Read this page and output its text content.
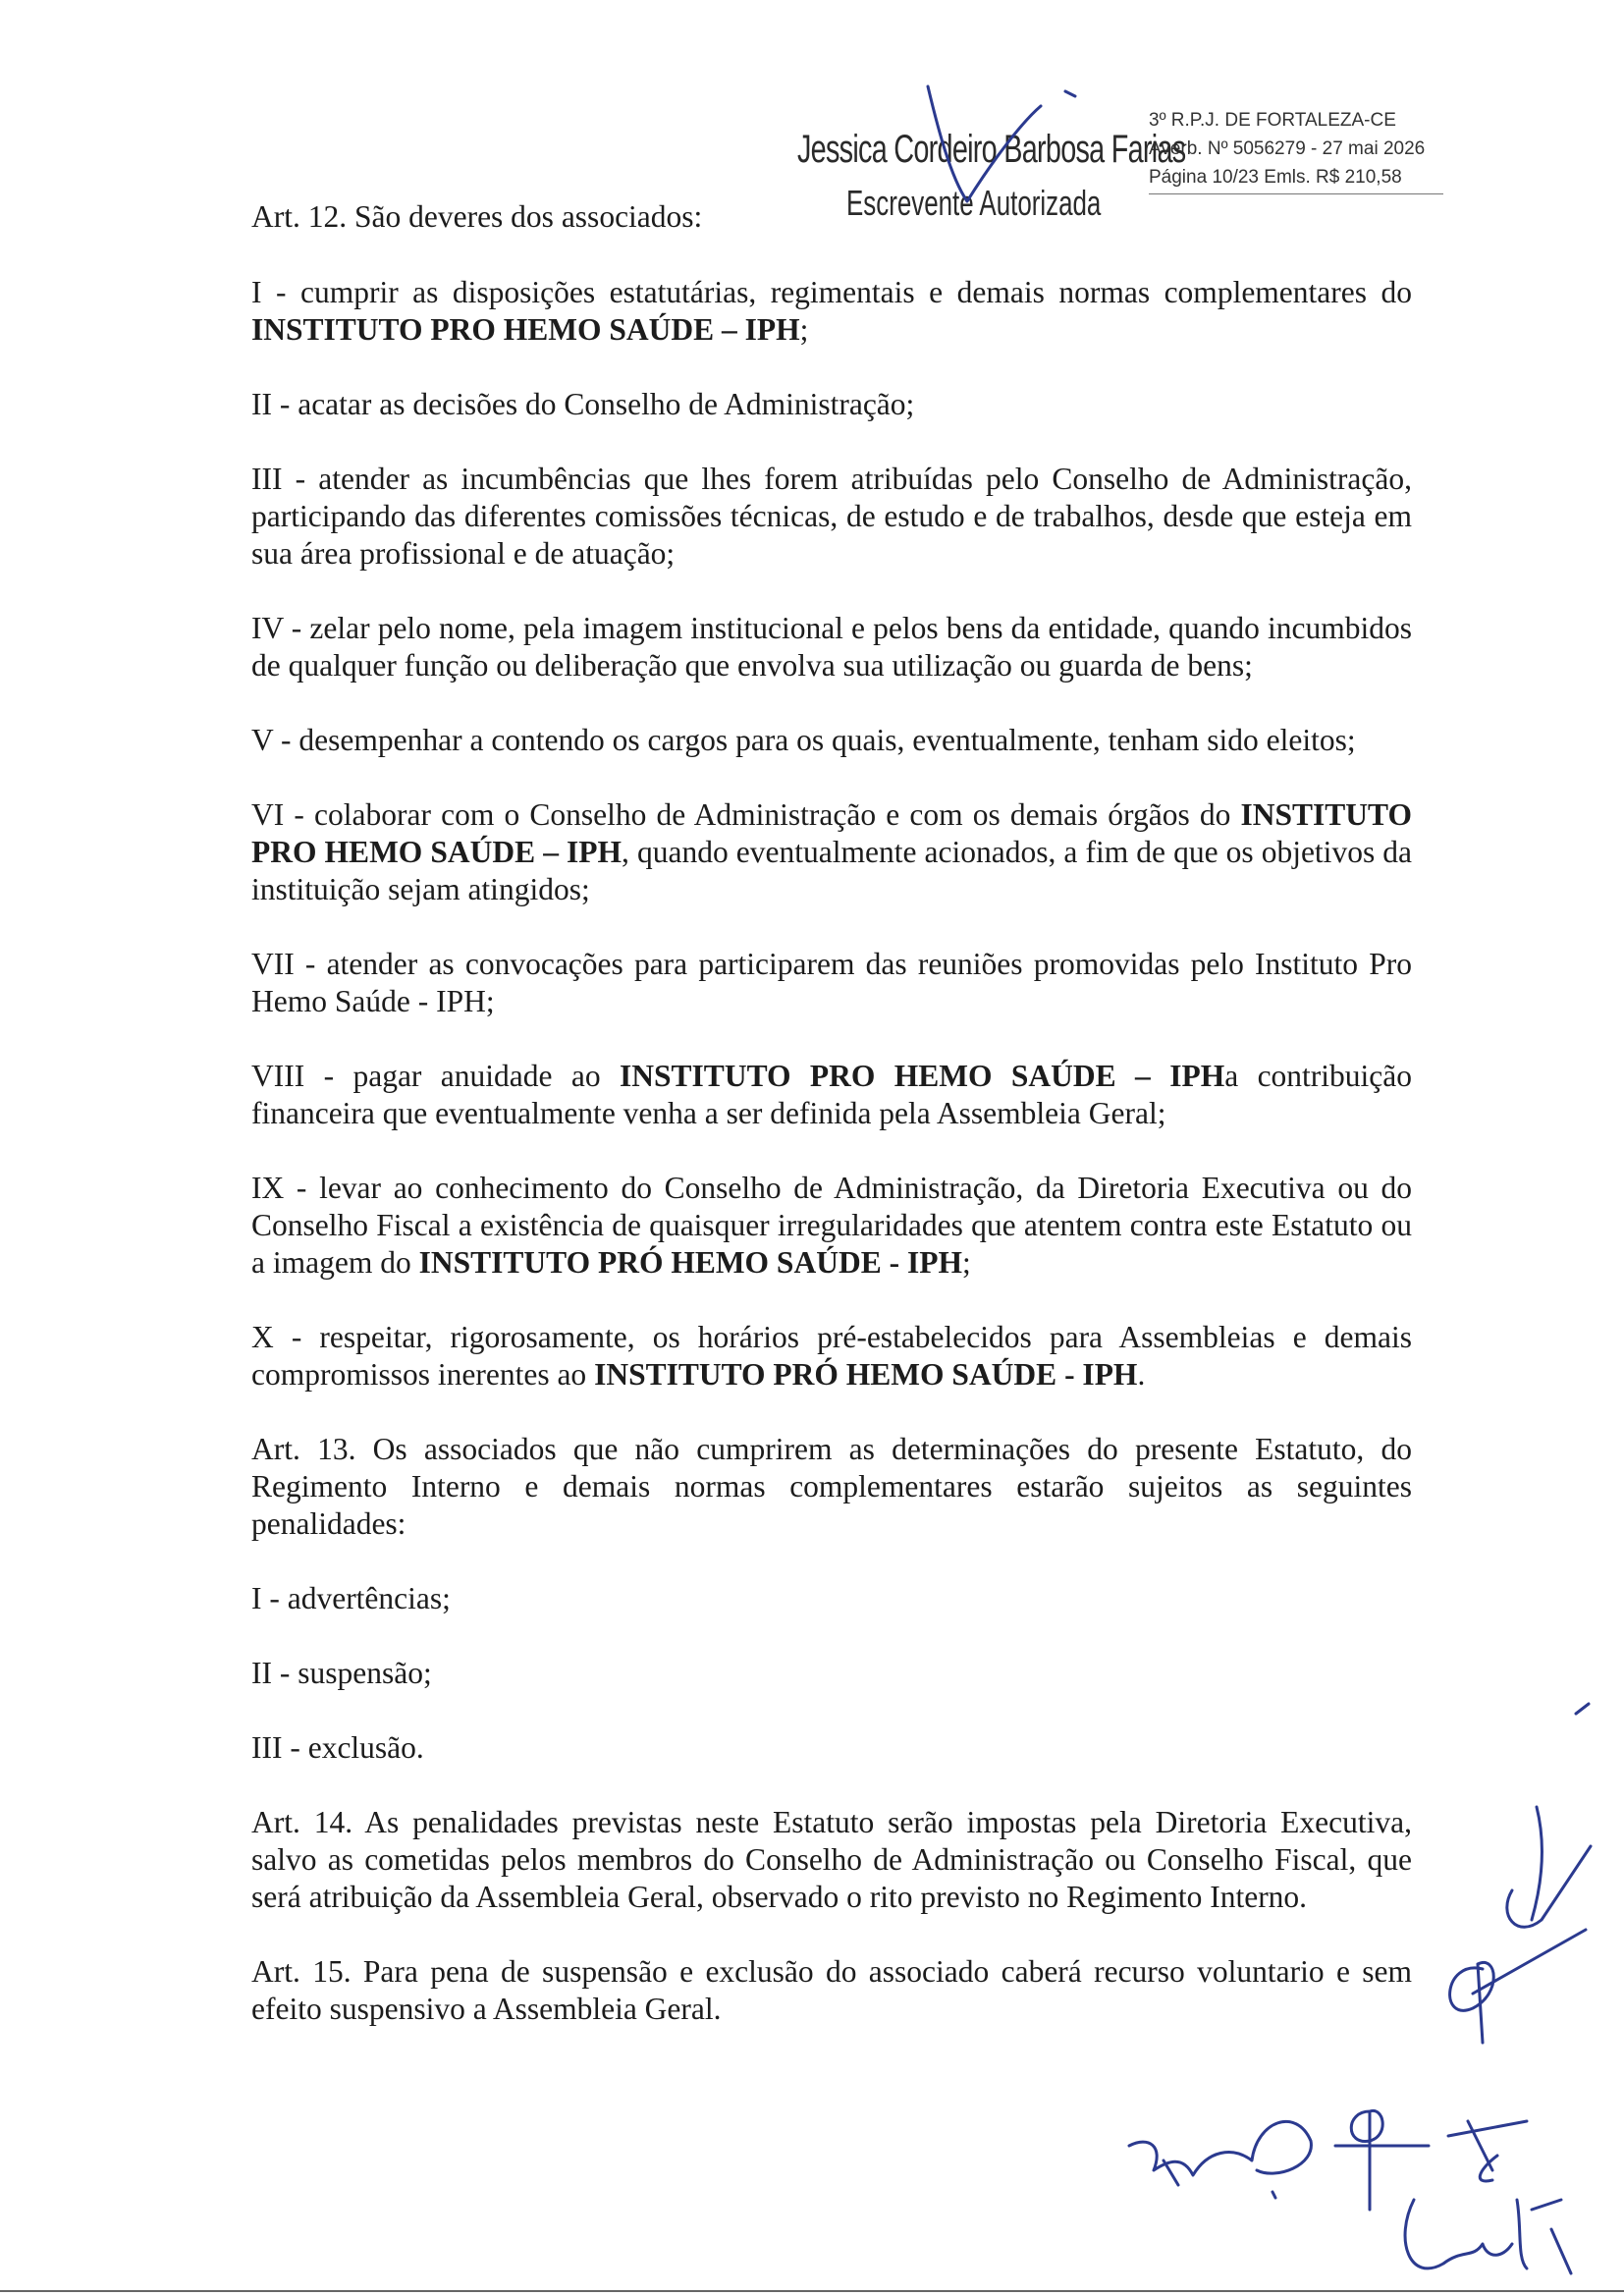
3º R.P.J. DE FORTALEZA-CE
Averb. Nº 5056279 - 27 mai 2026
Página 10/23 Emls. R$ 210,58
Jessica Cordeiro Barbosa Farias
Escrevente Autorizada
Art. 12. São deveres dos associados:

I - cumprir as disposições estatutárias, regimentais e demais normas complementares do INSTITUTO PRO HEMO SAÚDE – IPH;

II - acatar as decisões do Conselho de Administração;

III - atender as incumbências que lhes forem atribuídas pelo Conselho de Administração, participando das diferentes comissões técnicas, de estudo e de trabalhos, desde que esteja em sua área profissional e de atuação;

IV - zelar pelo nome, pela imagem institucional e pelos bens da entidade, quando incumbidos de qualquer função ou deliberação que envolva sua utilização ou guarda de bens;

V - desempenhar a contendo os cargos para os quais, eventualmente, tenham sido eleitos;

VI - colaborar com o Conselho de Administração e com os demais órgãos do INSTITUTO PRO HEMO SAÚDE – IPH, quando eventualmente acionados, a fim de que os objetivos da instituição sejam atingidos;

VII - atender as convocações para participarem das reuniões promovidas pelo Instituto Pro Hemo Saúde - IPH;

VIII - pagar anuidade ao INSTITUTO PRO HEMO SAÚDE – IPHa contribuição financeira que eventualmente venha a ser definida pela Assembleia Geral;

IX - levar ao conhecimento do Conselho de Administração, da Diretoria Executiva ou do Conselho Fiscal a existência de quaisquer irregularidades que atentem contra este Estatuto ou a imagem do INSTITUTO PRÓ HEMO SAÚDE - IPH;

X - respeitar, rigorosamente, os horários pré-estabelecidos para Assembleias e demais compromissos inerentes ao INSTITUTO PRÓ HEMO SAÚDE - IPH.

Art. 13. Os associados que não cumprirem as determinações do presente Estatuto, do Regimento Interno e demais normas complementares estarão sujeitos as seguintes penalidades:

I - advertências;

II - suspensão;

III - exclusão.

Art. 14. As penalidades previstas neste Estatuto serão impostas pela Diretoria Executiva, salvo as cometidas pelos membros do Conselho de Administração ou Conselho Fiscal, que será atribuição da Assembleia Geral, observado o rito previsto no Regimento Interno.

Art. 15. Para pena de suspensão e exclusão do associado caberá recurso voluntario e sem efeito suspensivo a Assembleia Geral.
